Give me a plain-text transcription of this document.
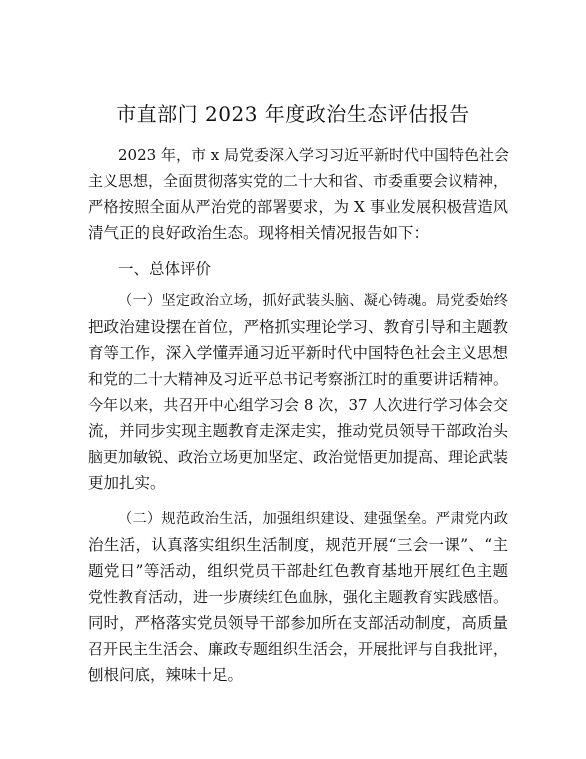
市直部门 2023 年度政治生态评估报告
2023 年，市 x 局党委深入学习习近平新时代中国特色社会
主义思想，全面贯彻落实党的二十大和省、市委重要会议精神，
严格按照全面从严治党的部署要求，为 X 事业发展积极营造风
清气正的良好政治生态。现将相关情况报告如下：
一、总体评价
（一）坚定政治立场，抓好武装头脑、凝心铸魂。局党委始终
把政治建设摆在首位，严格抓实理论学习、教育引导和主题教
育等工作，深入学懂弄通习近平新时代中国特色社会主义思想
和党的二十大精神及习近平总书记考察浙江时的重要讲话精神。
今年以来，共召开中心组学习会 8 次，37 人次进行学习体会交
流，并同步实现主题教育走深走实，推动党员领导干部政治头
脑更加敏锐、政治立场更加坚定、政治觉悟更加提高、理论武装
更加扎实。
（二）规范政治生活，加强组织建设、建强堡垒。严肃党内政
治生活，认真落实组织生活制度，规范开展“三会一课”、“主
题党日”等活动，组织党员干部赴红色教育基地开展红色主题
党性教育活动，进一步赓续红色血脉，强化主题教育实践感悟。
同时，严格落实党员领导干部参加所在支部活动制度，高质量
召开民主生活会、廉政专题组织生活会，开展批评与自我批评，
刨根问底，辣味十足。
